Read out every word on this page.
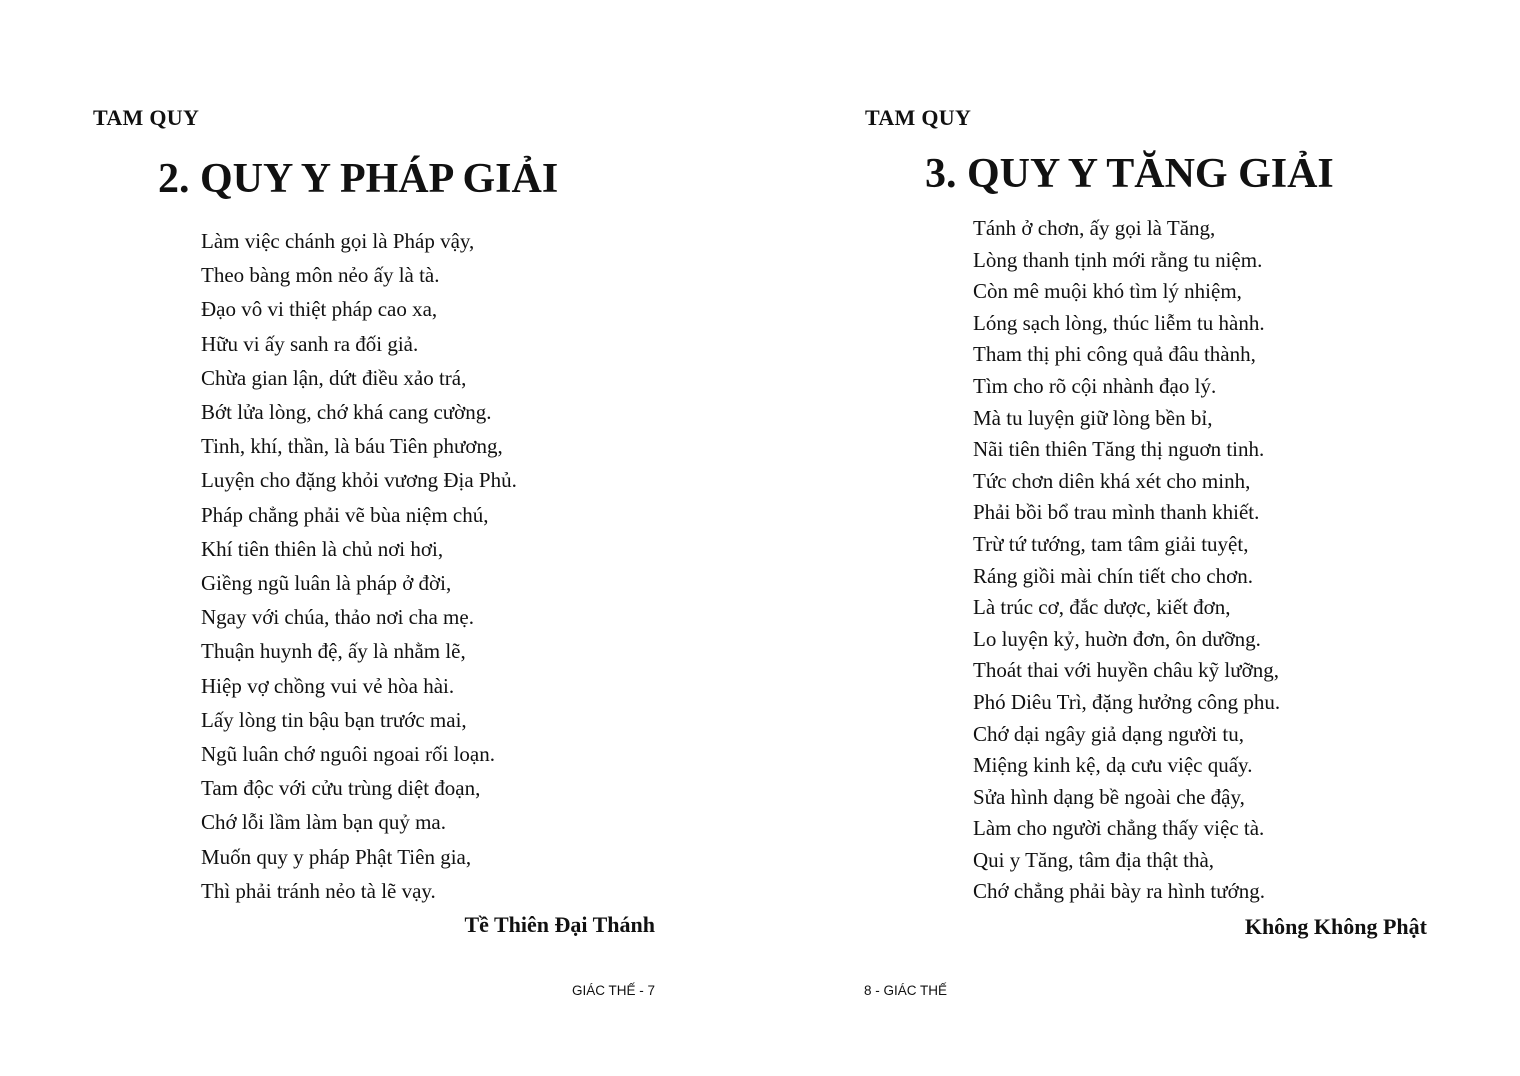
TAM QUY
2. QUY Y PHÁP GIẢI
Làm việc chánh gọi là Pháp vậy,
Theo bàng môn nẻo ấy là tà.
Đạo vô vi thiệt pháp cao xa,
Hữu vi ấy sanh ra đối giả.
Chừa gian lận, dứt điều xảo trá,
Bớt lửa lòng, chớ khá cang cường.
Tinh, khí, thần, là báu Tiên phương,
Luyện cho đặng khỏi vương Địa Phủ.
Pháp chẳng phải vẽ bùa niệm chú,
Khí tiên thiên là chủ nơi hơi,
Giềng ngũ luân là pháp ở đời,
Ngay với chúa, thảo nơi cha mẹ.
Thuận huynh đệ, ấy là nhằm lẽ,
Hiệp vợ chồng vui vẻ hòa hài.
Lấy lòng tin bậu bạn trước mai,
Ngũ luân chớ nguôi ngoai rối loạn.
Tam độc với cửu trùng diệt đoạn,
Chớ lỗi lầm làm bạn quỷ ma.
Muốn quy y pháp Phật Tiên gia,
Thì phải tránh nẻo tà lẽ vạy.
Tề Thiên Đại Thánh
GIÁC THẾ - 7
TAM QUY
3. QUY Y TĂNG GIẢI
Tánh ở chơn, ấy gọi là Tăng,
Lòng thanh tịnh mới rằng tu niệm.
Còn mê muội khó tìm lý nhiệm,
Lóng sạch lòng, thúc liễm tu hành.
Tham thị phi công quả đâu thành,
Tìm cho rõ cội nhành đạo lý.
Mà tu luyện giữ lòng bền bỉ,
Nãi tiên thiên Tăng thị nguơn tinh.
Tức chơn diên khá xét cho minh,
Phải bồi bổ trau mình thanh khiết.
Trừ tứ tướng, tam tâm giải tuyệt,
Ráng giồi mài chín tiết cho chơn.
Là trúc cơ, đắc dược, kiết đơn,
Lo luyện kỷ, huờn đơn, ôn dưỡng.
Thoát thai với huyền châu kỹ lưỡng,
Phó Diêu Trì, đặng hưởng công phu.
Chớ dại ngây giả dạng người tu,
Miệng kinh kệ, dạ cưu việc quấy.
Sửa hình dạng bề ngoài che đậy,
Làm cho người chẳng thấy việc tà.
Qui y Tăng, tâm địa thật thà,
Chớ chẳng phải bày ra hình tướng.
Không Không Phật
8 - GIÁC THẾ
